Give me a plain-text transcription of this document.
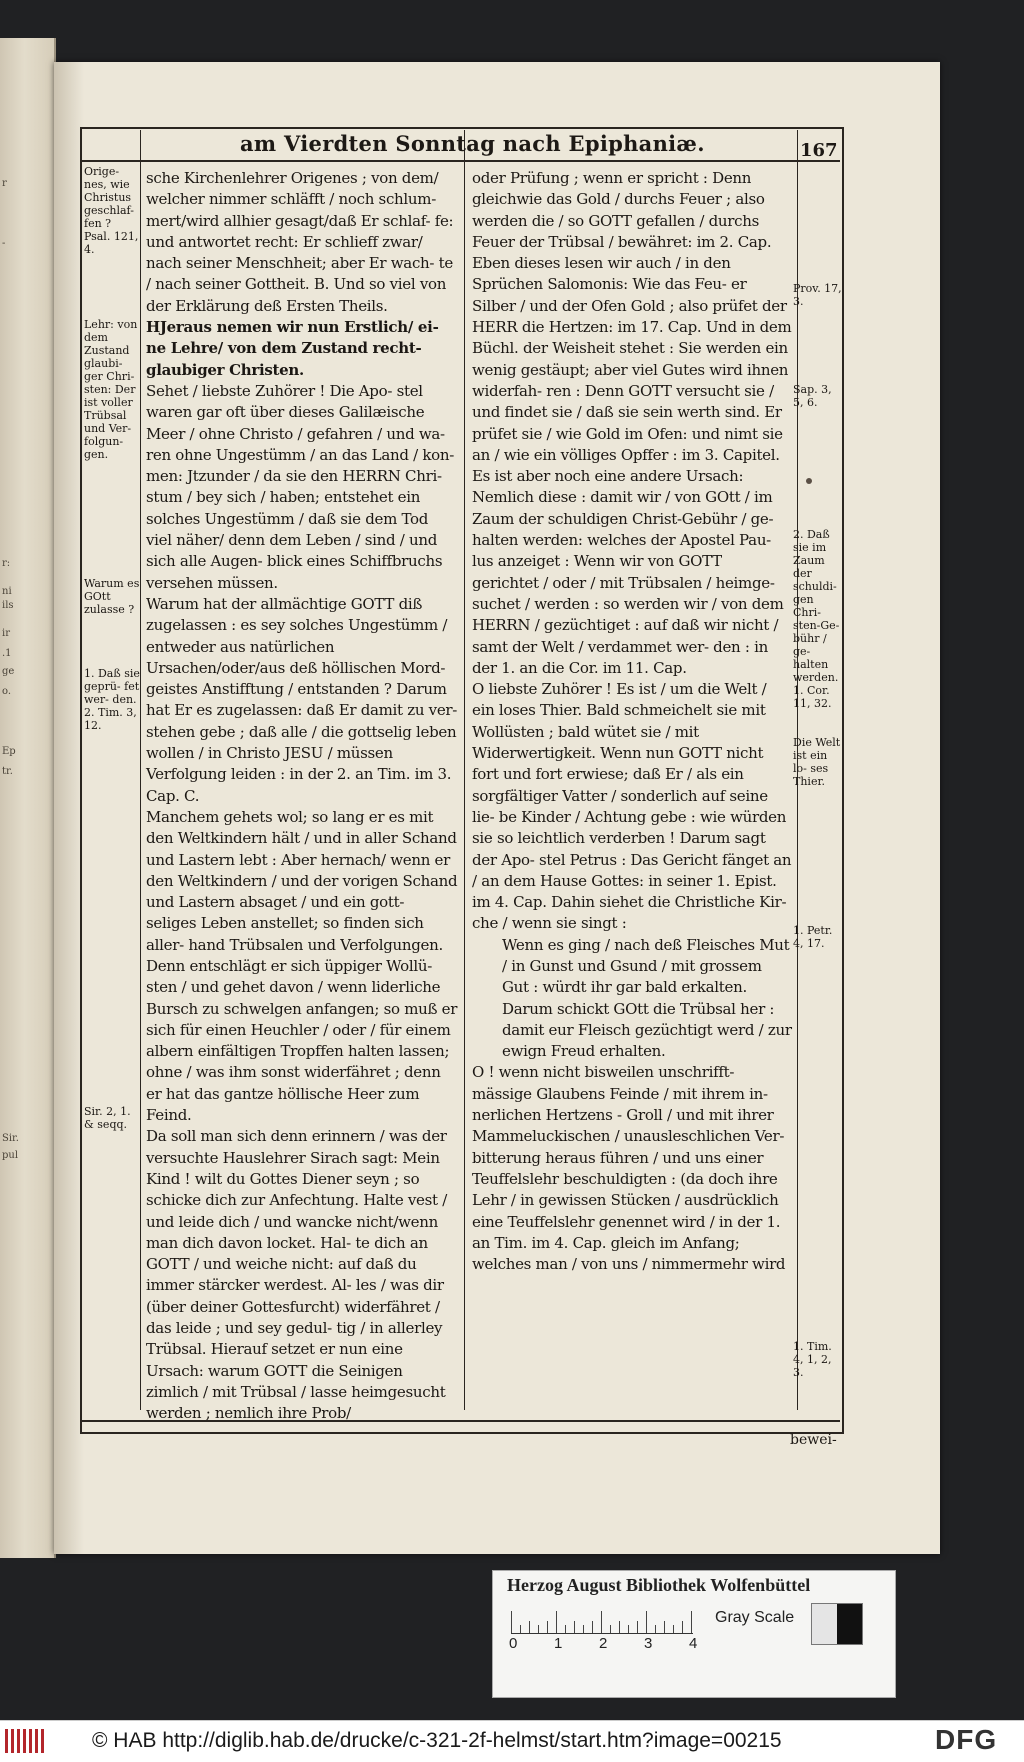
r
-
r:
ni
ils
ir
.1
ge
o.
Ep
tr.
Sir.
pul
am Vierdten Sonntag nach Epiphaniæ.	167

sche Kirchenlehrer Origenes ; von dem/ welcher nimmer schläfft / noch schlum- mert/wird allhier gesagt/daß Er schlaf- fe: und antwortet recht: Er schlieff zwar/ nach seiner Menschheit; aber Er wach- te / nach seiner Gottheit. B. Und so viel von der Erklärung deß Ersten Theils.

HJeraus nemen wir nun Erstlich/ ei- ne Lehre/ von dem Zustand recht- glaubiger Christen.

Sehet / liebste Zuhörer ! Die Apo- stel waren gar oft über dieses Galilæische Meer / ohne Christo / gefahren / und wa- ren ohne Ungestümm / an das Land / kon- men: Jtzunder / da sie den HERRN Chri- stum / bey sich / haben; entstehet ein solches Ungestümm / daß sie dem Tod viel näher/ denn dem Leben / sind / und sich alle Augen- blick eines Schiffbruchs versehen müssen.

Warum hat der allmächtige GOTT diß zugelassen : es sey solches Ungestümm / entweder aus natürlichen Ursachen/oder/aus deß höllischen Mord- geistes Anstifftung / entstanden ? Darum hat Er es zugelassen: daß Er damit zu ver- stehen gebe ; daß alle / die gottselig leben wollen / in Christo JESU / müssen Verfolgung leiden : in der 2. an Tim. im 3. Cap. C.

Manchem gehets wol; so lang er es mit den Weltkindern hält / und in aller Schand und Lastern lebt : Aber hernach/ wenn er den Weltkindern / und der vorigen Schand und Lastern absaget / und ein gott- seliges Leben anstellet; so finden sich aller- hand Trübsalen und Verfolgungen. Denn entschlägt er sich üppiger Wollü- sten / und gehet davon / wenn liderliche Bursch zu schwelgen anfangen; so muß er sich für einen Heuchler / oder / für einem albern einfältigen Tropffen halten lassen; ohne / was ihm sonst widerfähret ; denn er hat das gantze höllische Heer zum Feind.

Da soll man sich denn erinnern / was der versuchte Hauslehrer Sirach sagt: Mein Kind ! wilt du Gottes Diener seyn ; so schicke dich zur Anfechtung. Halte vest / und leide dich / und wancke nicht/wenn man dich davon locket. Hal- te dich an GOTT / und weiche nicht: auf daß du immer stärcker werdest. Al- les / was dir (über deiner Gottesfurcht) widerfähret / das leide ; und sey gedul- tig / in allerley Trübsal. Hierauf setzet er nun eine Ursach: warum GOTT die Seinigen zimlich / mit Trübsal / lasse heimgesucht werden ; nemlich ihre Prob/

oder Prüfung ; wenn er spricht : Denn gleichwie das Gold / durchs Feuer ; also werden die / so GOTT gefallen / durchs Feuer der Trübsal / bewähret: im 2. Cap. Eben dieses lesen wir auch / in den Sprüchen Salomonis: Wie das Feu- er Silber / und der Ofen Gold ; also prüfet der HERR die Hertzen: im 17. Cap. Und in dem Büchl. der Weisheit stehet : Sie werden ein wenig gestäupt; aber viel Gutes wird ihnen widerfah- ren : Denn GOTT versucht sie / und findet sie / daß sie sein werth sind. Er prüfet sie / wie Gold im Ofen: und nimt sie an / wie ein völliges Opffer : im 3. Capitel.

Es ist aber noch eine andere Ursach: Nemlich diese : damit wir / von GOtt / im Zaum der schuldigen Christ-Gebühr / ge- halten werden: welches der Apostel Pau- lus anzeiget : Wenn wir von GOTT gerichtet / oder / mit Trübsalen / heimge- suchet / werden : so werden wir / von dem HERRN / gezüchtiget : auf daß wir nicht / samt der Welt / verdammet wer- den : in der 1. an die Cor. im 11. Cap.

O liebste Zuhörer ! Es ist / um die Welt / ein loses Thier. Bald schmeichelt sie mit Wollüsten ; bald wütet sie / mit Widerwertigkeit. Wenn nun GOTT nicht fort und fort erwiese; daß Er / als ein sorgfältiger Vatter / sonderlich auf seine lie- be Kinder / Achtung gebe : wie würden sie so leichtlich verderben ! Darum sagt der Apo- stel Petrus : Das Gericht fänget an / an dem Hause Gottes: in seiner 1. Epist. im 4. Cap. Dahin siehet die Christliche Kir- che / wenn sie singt :

Wenn es ging / nach deß Fleisches Mut / in Gunst und Gsund / mit grossem Gut : würdt ihr gar bald erkalten. Darum schickt GOtt die Trübsal her : damit eur Fleisch gezüchtigt werd / zur ewign Freud erhalten.

O ! wenn nicht bisweilen unschrifft- mässige Glaubens Feinde / mit ihrem in- nerlichen Hertzens - Groll / und mit ihrer Mammeluckischen / unausleschlichen Ver- bitterung heraus führen / und uns einer Teuffelslehr beschuldigten : (da doch ihre Lehr / in gewissen Stücken / ausdrücklich eine Teuffelslehr genennet wird / in der 1. an Tim. im 4. Cap. gleich im Anfang; welches man / von uns / nimmermehr wird

Orige- nes, wie Christus geschlaf- fen ? Psal. 121, 4.
Lehr: von dem Zustand glaubi- ger Chri- sten: Der ist voller Trübsal und Ver- folgun- gen.
Warum es GOtt zulasse ?
1. Daß sie geprü- fet wer- den. 2. Tim. 3, 12.
Sir. 2, 1. & seqq.
Prov. 17, 3.
Sap. 3, 5, 6.
2. Daß sie im Zaum der schuldi- gen Chri- sten-Ge- bühr / ge- halten werden. 1. Cor. 11, 32.
Die Welt ist ein lo- ses Thier.
1. Petr. 4, 17.
1. Tim. 4, 1, 2, 3.
bewei-
Herzog August Bibliothek Wolfenbüttel
0 1 2 3 4
Gray Scale
© HAB http://diglib.hab.de/drucke/c-321-2f-helmst/start.htm?image=00215	DFG
